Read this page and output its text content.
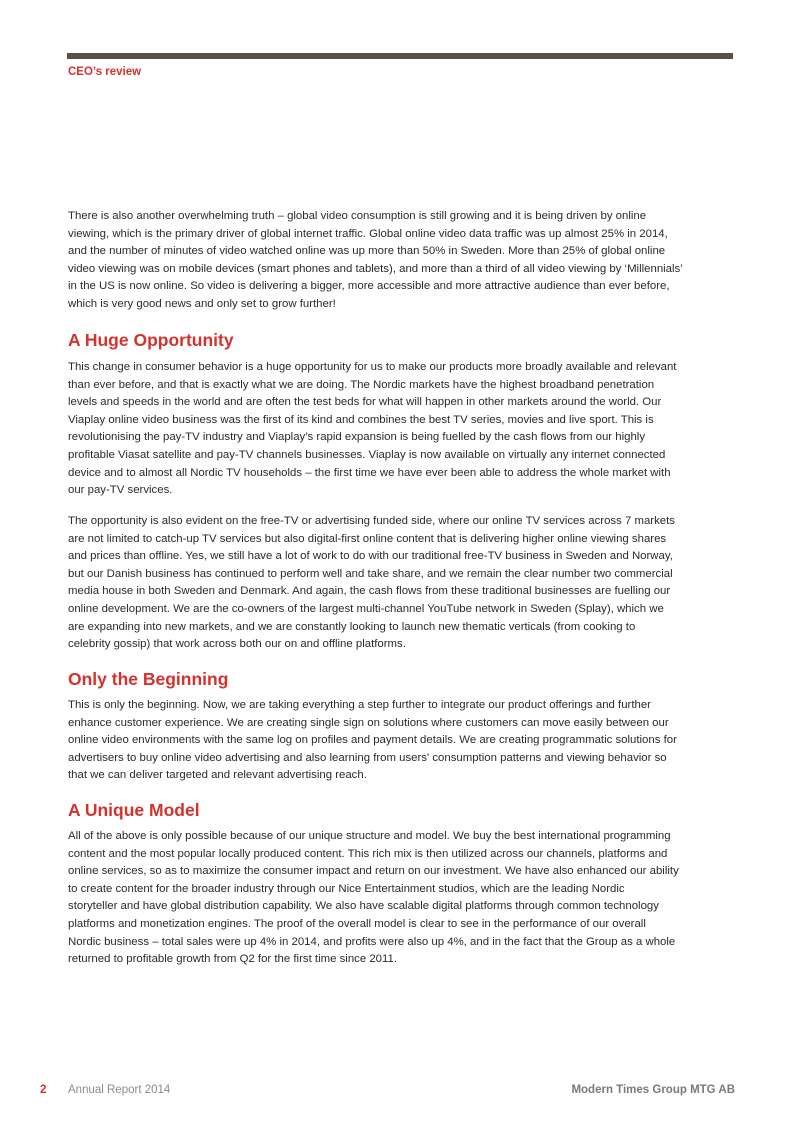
CEO’s review
There is also another overwhelming truth – global video consumption is still growing and it is being driven by online
viewing, which is the primary driver of global internet traffic. Global online video data traffic was up almost 25% in 2014,
and the number of minutes of video watched online was up more than 50% in Sweden. More than 25% of global online
video viewing was on mobile devices (smart phones and tablets), and more than a third of all video viewing by ‘Millennials’
in the US is now online. So video is delivering a bigger, more accessible and more attractive audience than ever before,
which is very good news and only set to grow further!
A Huge Opportunity
This change in consumer behavior is a huge opportunity for us to make our products more broadly available and relevant
than ever before, and that is exactly what we are doing. The Nordic markets have the highest broadband penetration
levels and speeds in the world and are often the test beds for what will happen in other markets around the world. Our
Viaplay online video business was the first of its kind and combines the best TV series, movies and live sport. This is
revolutionising the pay-TV industry and Viaplay’s rapid expansion is being fuelled by the cash flows from our highly
profitable Viasat satellite and pay-TV channels businesses. Viaplay is now available on virtually any internet connected
device and to almost all Nordic TV households – the first time we have ever been able to address the whole market with
our pay-TV services.
The opportunity is also evident on the free-TV or advertising funded side, where our online TV services across 7 markets
are not limited to catch-up TV services but also digital-first online content that is delivering higher online viewing shares
and prices than offline. Yes, we still have a lot of work to do with our traditional free-TV business in Sweden and Norway,
but our Danish business has continued to perform well and take share, and we remain the clear number two commercial
media house in both Sweden and Denmark. And again, the cash flows from these traditional businesses are fuelling our
online development. We are the co-owners of the largest multi-channel YouTube network in Sweden (Splay), which we
are expanding into new markets, and we are constantly looking to launch new thematic verticals (from cooking to
celebrity gossip) that work across both our on and offline platforms.
Only the Beginning
This is only the beginning. Now, we are taking everything a step further to integrate our product offerings and further
enhance customer experience. We are creating single sign on solutions where customers can move easily between our
online video environments with the same log on profiles and payment details. We are creating programmatic solutions for
advertisers to buy online video advertising and also learning from users' consumption patterns and viewing behavior so
that we can deliver targeted and relevant advertising reach.
A Unique Model
All of the above is only possible because of our unique structure and model. We buy the best international programming
content and the most popular locally produced content. This rich mix is then utilized across our channels, platforms and
online services, so as to maximize the consumer impact and return on our investment. We have also enhanced our ability
to create content for the broader industry through our Nice Entertainment studios, which are the leading Nordic
storyteller and have global distribution capability. We also have scalable digital platforms through common technology
platforms and monetization engines. The proof of the overall model is clear to see in the performance of our overall
Nordic business – total sales were up 4% in 2014, and profits were also up 4%, and in the fact that the Group as a whole
returned to profitable growth from Q2 for the first time since 2011.
2 Annual Report 2014	Modern Times Group MTG AB
